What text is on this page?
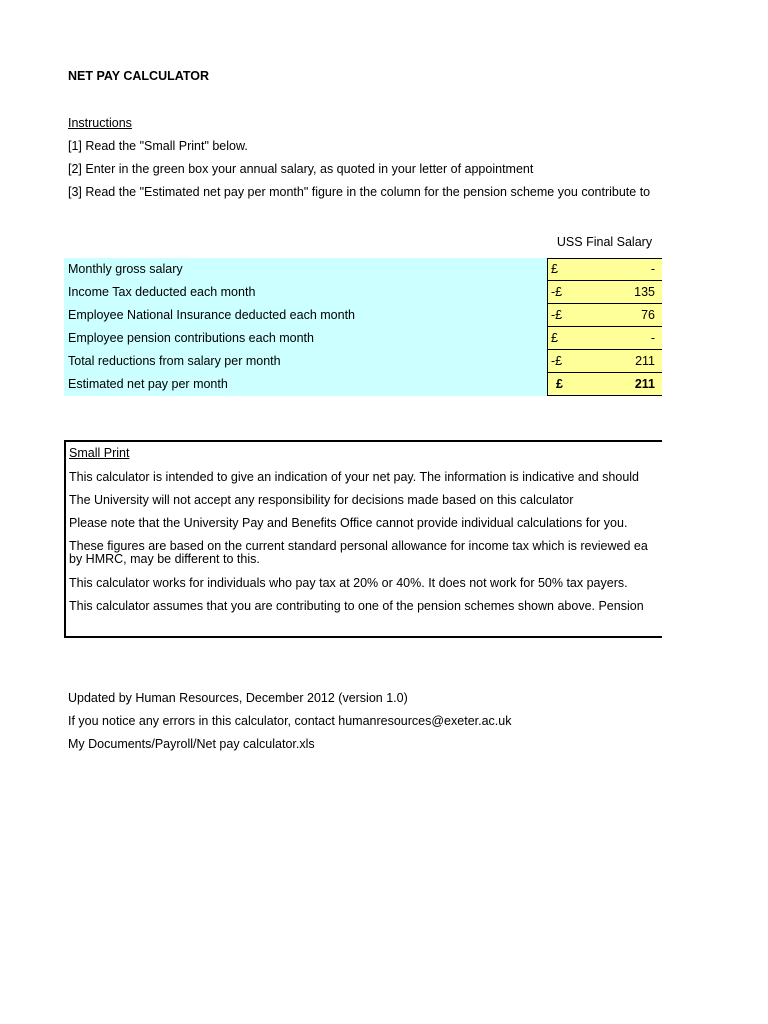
NET PAY CALCULATOR
Instructions
[1] Read the "Small Print" below.
[2] Enter in the green box your annual salary, as quoted in your letter of appointment
[3] Read the "Estimated net pay per month" figure in the column for the pension scheme you contribute to
USS Final Salary
Monthly gross salary	£	-
Income Tax deducted each month	-£	135
Employee National Insurance deducted each month	-£	76
Employee pension contributions each month	£	-
Total reductions from salary per month	-£	211
Estimated net pay per month	£	211
Small Print
This calculator is intended to give an indication of your net pay. The information is indicative and should
The University will not accept any responsibility for decisions made based on this calculator
Please note that the University Pay and Benefits Office cannot provide individual calculations for you.
These figures are based on the current standard personal allowance for income tax which is reviewed ea
by HMRC, may be different to this.
This calculator works for individuals who pay tax at 20% or 40%. It does not work for 50% tax payers.
This calculator assumes that you are contributing to one of the pension schemes shown above. Pension
Updated by Human Resources, December 2012 (version 1.0)
If you notice any errors in this calculator, contact humanresources@exeter.ac.uk
My Documents/Payroll/Net pay calculator.xls
